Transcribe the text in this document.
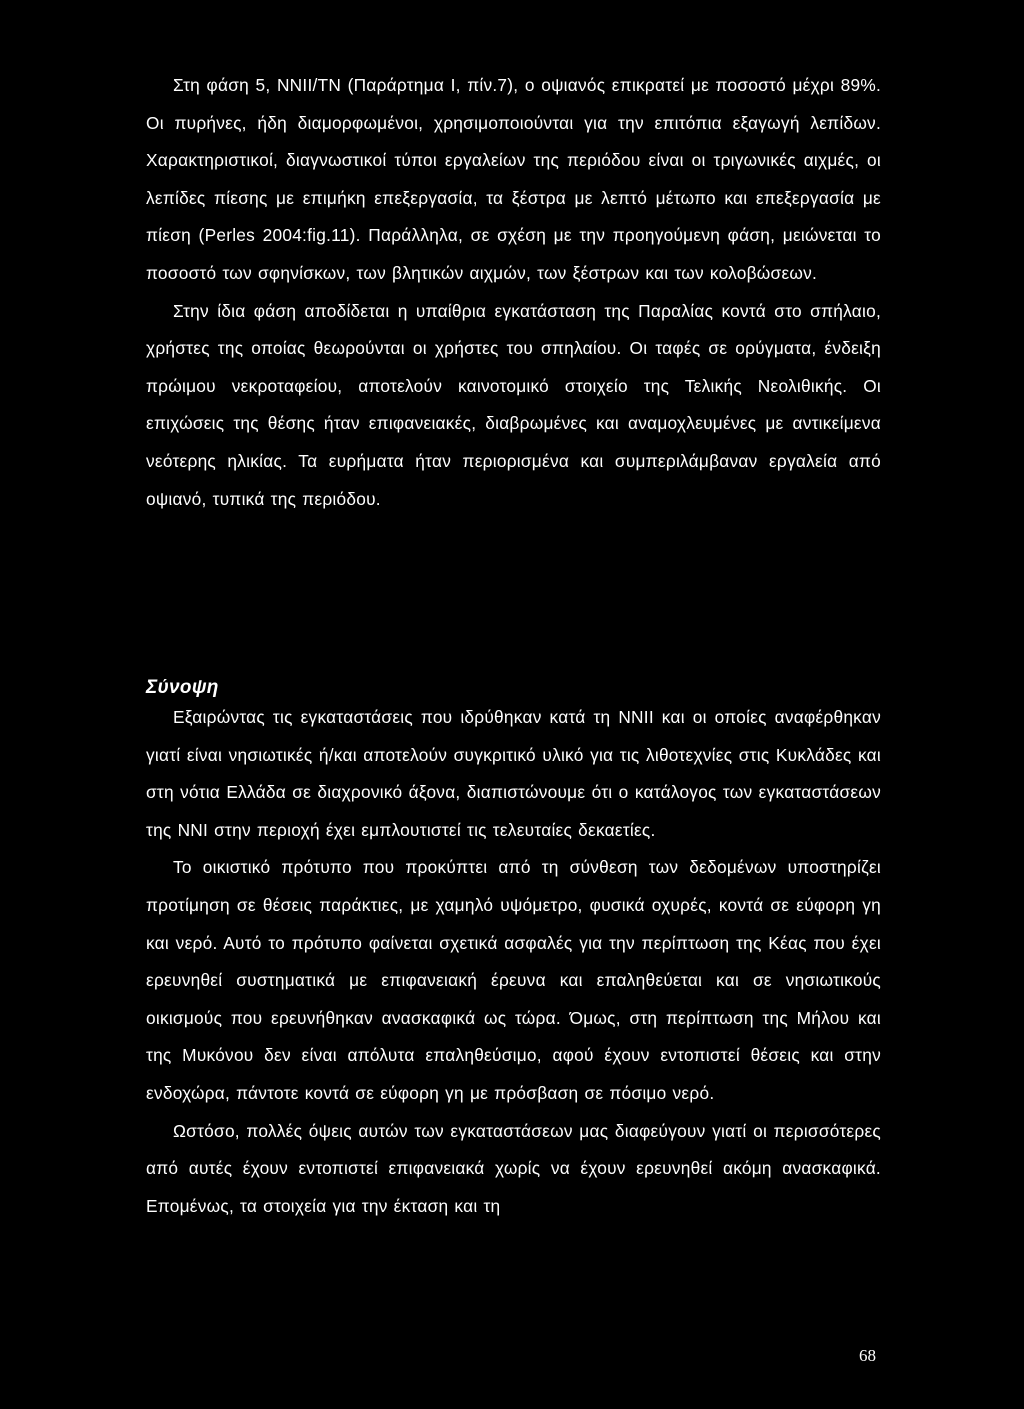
Στη φάση 5, ΝΝΙΙ/ΤΝ (Παράρτημα Ι, πίν.7), ο οψιανός επικρατεί με ποσοστό μέχρι 89%. Οι πυρήνες, ήδη διαμορφωμένοι, χρησιμοποιούνται για την επιτόπια εξαγωγή λεπίδων. Χαρακτηριστικοί, διαγνωστικοί τύποι εργαλείων της περιόδου είναι οι τριγωνικές αιχμές, οι λεπίδες πίεσης με επιμήκη επεξεργασία, τα ξέστρα με λεπτό μέτωπο και επεξεργασία με πίεση (Perles 2004:fig.11). Παράλληλα, σε σχέση με την προηγούμενη φάση, μειώνεται το ποσοστό των σφηνίσκων, των βλητικών αιχμών, των ξέστρων και των κολοβώσεων.

Στην ίδια φάση αποδίδεται η υπαίθρια εγκατάσταση της Παραλίας κοντά στο σπήλαιο, χρήστες της οποίας θεωρούνται οι χρήστες του σπηλαίου. Οι ταφές σε ορύγματα, ένδειξη πρώιμου νεκροταφείου, αποτελούν καινοτομικό στοιχείο της Τελικής Νεολιθικής. Οι επιχώσεις της θέσης ήταν επιφανειακές, διαβρωμένες και αναμοχλευμένες με αντικείμενα νεότερης ηλικίας. Τα ευρήματα ήταν περιορισμένα και συμπεριλάμβαναν εργαλεία από οψιανό, τυπικά της περιόδου.

Σύνοψη

Εξαιρώντας τις εγκαταστάσεις που ιδρύθηκαν κατά τη ΝΝΙΙ και οι οποίες αναφέρθηκαν γιατί είναι νησιωτικές ή/και αποτελούν συγκριτικό υλικό για τις λιθοτεχνίες στις Κυκλάδες και στη νότια Ελλάδα σε διαχρονικό άξονα, διαπιστώνουμε ότι ο κατάλογος των εγκαταστάσεων της ΝΝΙ στην περιοχή έχει εμπλουτιστεί τις τελευταίες δεκαετίες.

Το οικιστικό πρότυπο που προκύπτει από τη σύνθεση των δεδομένων υποστηρίζει προτίμηση σε θέσεις παράκτιες, με χαμηλό υψόμετρο, φυσικά οχυρές, κοντά σε εύφορη γη και νερό. Αυτό το πρότυπο φαίνεται σχετικά ασφαλές για την περίπτωση της Κέας που έχει ερευνηθεί συστηματικά με επιφανειακή έρευνα και επαληθεύεται και σε νησιωτικούς οικισμούς που ερευνήθηκαν ανασκαφικά ως τώρα. Όμως, στη περίπτωση της Μήλου και της Μυκόνου δεν είναι απόλυτα επαληθεύσιμο, αφού έχουν εντοπιστεί θέσεις και στην ενδοχώρα, πάντοτε κοντά σε εύφορη γη με πρόσβαση σε πόσιμο νερό.

Ωστόσο, πολλές όψεις αυτών των εγκαταστάσεων μας διαφεύγουν γιατί οι περισσότερες από αυτές έχουν εντοπιστεί επιφανειακά χωρίς να έχουν ερευνηθεί ακόμη ανασκαφικά. Επομένως, τα στοιχεία για την έκταση και τη

68
